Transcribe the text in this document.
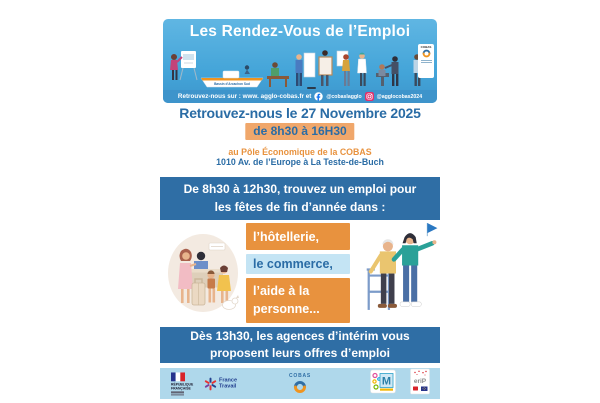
Les Rendez-Vous de l’Emploi
Bassin d’Arcachon Sud
Retrouvez-nous sur : www. agglo-cobas.fr et	@cobaslagglo	@agglocobas2024
COBAS
Retrouvez-nous le 27 Novembre 2025
de 8h30 à 16H30
au Pôle Économique de la COBAS
1010 Av. de l’Europe à La Teste-de-Buch
De 8h30 à 12h30, trouvez un emploi pour
les fêtes de fin d’année dans :
l’hôtellerie,
le commerce,
l’aide à la personne...
Dès 13h30, les agences d’intérim vous
proposent leurs offres d’emploi
RÉPUBLIQUE FRANÇAISE
France
Travail
COBAS	M	eriP
